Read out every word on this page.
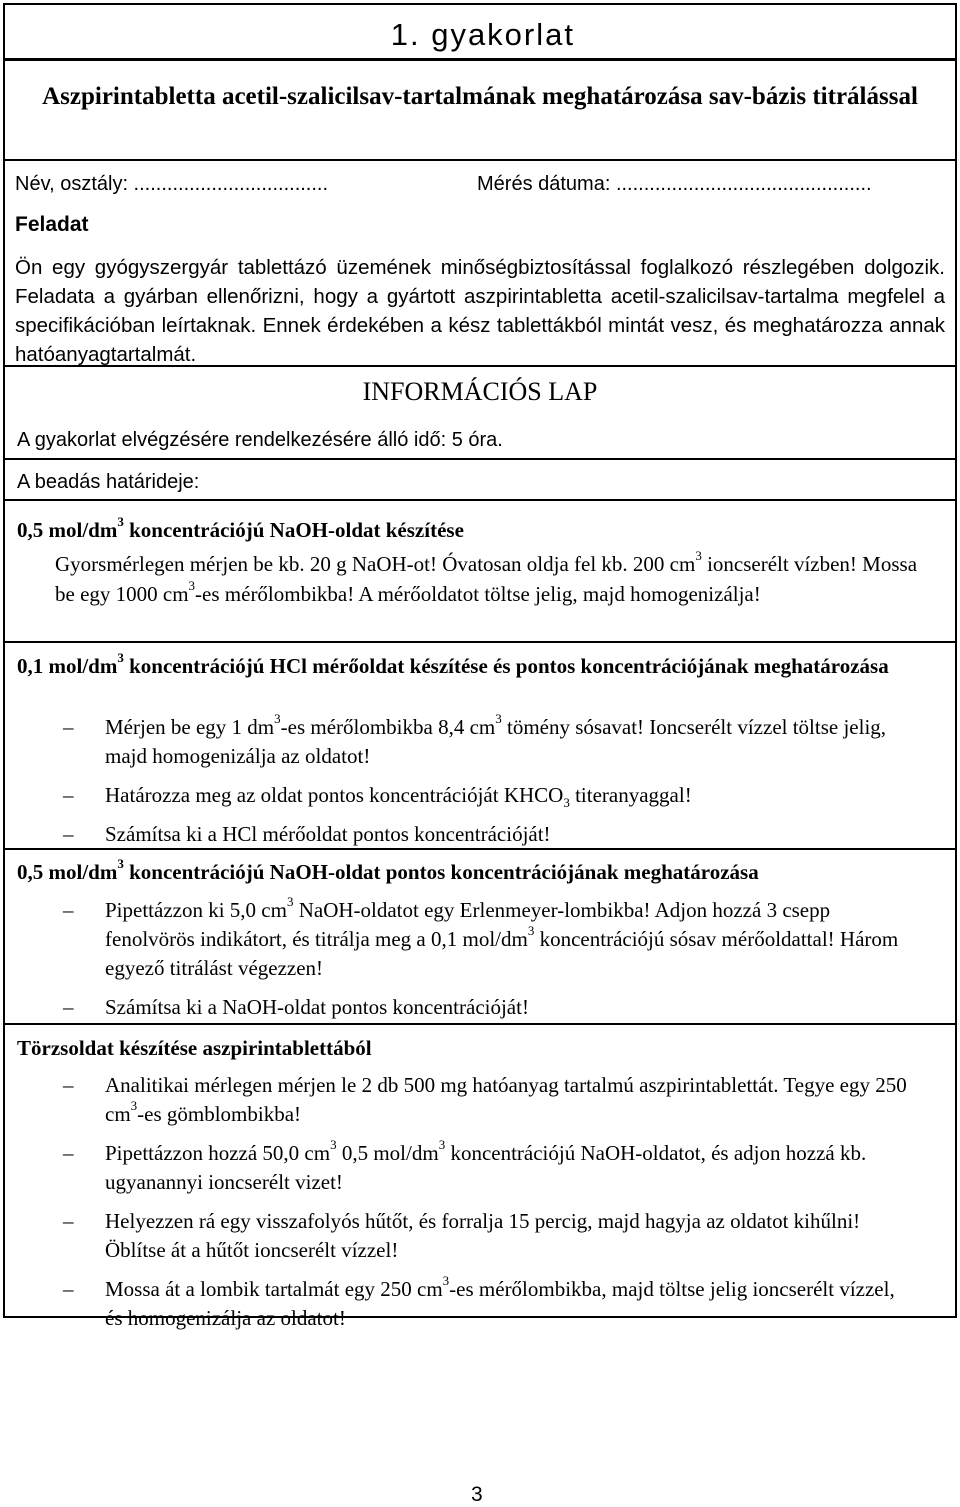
1. gyakorlat
Aszpirintabletta acetil-szalicilsav-tartalmának meghatározása sav-bázis titrálással
Név, osztály: ...................................	Mérés dátuma: ..............................................
Feladat

Ön egy gyógyszergyár tablettázó üzemének minőségbiztosítással foglalkozó részlegében dolgozik. Feladata a gyárban ellenőrizni, hogy a gyártott aszpirintabletta acetil-szalicilsav-tartalma megfelel a specifikációban leírtaknak. Ennek érdekében a kész tablettákból mintát vesz, és meghatározza annak hatóanyagtartalmát.

INFORMÁCIÓS LAP
A gyakorlat elvégzésére rendelkezésére álló idő: 5 óra.
A beadás határideje:
0,5 mol/$dm^3$ koncentrációjú NaOH-oldat készítése

Gyorsmérlegen mérjen be kb. 20 g NaOH-ot! Óvatosan oldja fel kb. 200 $cm^3$ ioncserélt vízben! Mossa be egy 1000 $cm^3-es$ mérőlombikba! A mérőoldatot töltse jelig, majd homogenizálja!

0,1 mol/$dm^3$ koncentrációjú HCl mérőoldat készítése és pontos koncentrációjának meghatározása
– Mérjen be egy 1 $dm^3-es$ mérőlombikba 8,4 $cm^3$ tömény sósavat! Ioncserélt vízzel töltse jelig, majd homogenizálja az oldatot!
– Határozza meg az oldat pontos koncentrációját $KHCO_3$ titeranyaggal!
– Számítsa ki a HCl mérőoldat pontos koncentrációját!
0,5 mol/$dm^3$ koncentrációjú NaOH-oldat pontos koncentrációjának meghatározása
– Pipettázzon ki 5,0 $cm^3$ NaOH-oldatot egy Erlenmeyer-lombikba! Adjon hozzá 3 csepp fenolvörös indikátort, és titrálja meg a 0,1 mol/$dm^3$ koncentrációjú sósav mérőoldattal! Három egyező titrálást végezzen!
– Számítsa ki a NaOH-oldat pontos koncentrációját!
Törzsoldat készítése aszpirintablettából
– Analitikai mérlegen mérjen le 2 db 500 mg hatóanyag tartalmú aszpirintablettát. Tegye egy 250 $cm^3-es$ gömblombikba!
– Pipettázzon hozzá 50,0 $cm^3$ 0,5 mol/$dm^3$ koncentrációjú NaOH-oldatot, és adjon hozzá kb. ugyanannyi ioncserélt vizet!
– Helyezzen rá egy visszafolyós hűtőt, és forralja 15 percig, majd hagyja az oldatot kihűlni! Öblítse át a hűtőt ioncserélt vízzel!
– Mossa át a lombik tartalmát egy 250 $cm^3-es$ mérőlombikba, majd töltse jelig ioncserélt vízzel, és homogenizálja az oldatot!
3
